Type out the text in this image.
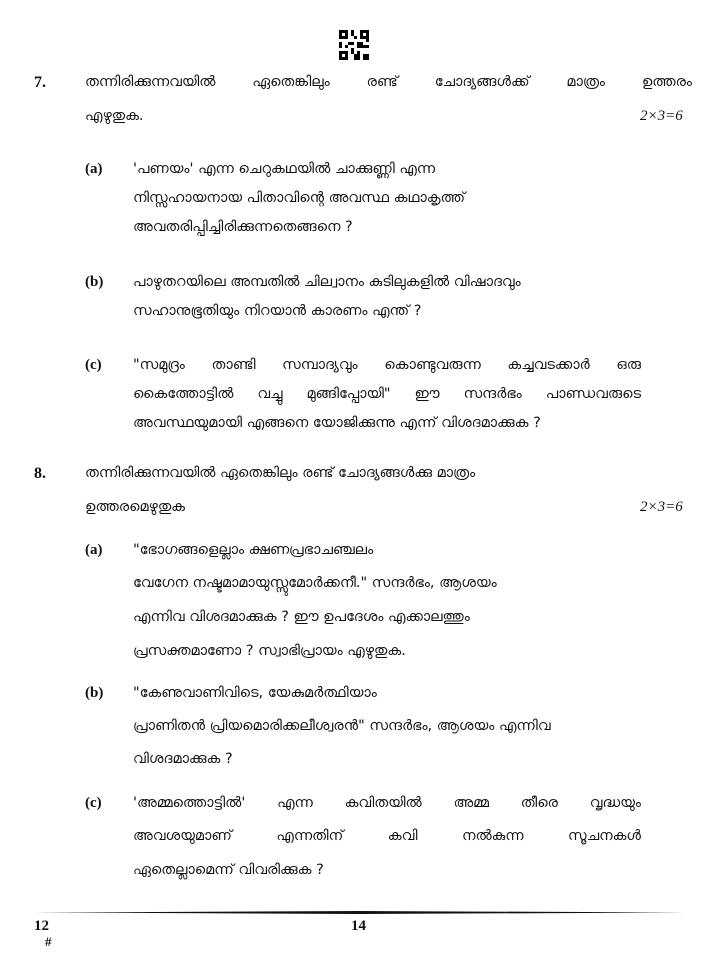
7.	തന്നിരിക്കുന്നവയിൽ ഏതെങ്കിലും രണ്ട് ചോദ്യങ്ങൾക്ക് മാത്രം ഉത്തരം
എഴുതുക.	2×3=6
(a) 'പണയം' എന്ന ചെറുകഥയിൽ ചാക്കുണ്ണി എന്ന
നിസ്സഹായനായ പിതാവിന്റെ അവസ്ഥ കഥാകൃത്ത്
അവതരിപ്പിച്ചിരിക്കുന്നതെങ്ങനെ ?
(b) പാഴുതറയിലെ അമ്പതിൽ ചില്വാനം കുടിലുകളിൽ വിഷാദവും
സഹാനുഭൂതിയും നിറയാൻ കാരണം എന്ത് ?
(c) "സമുദ്രം താണ്ടി സമ്പാദ്യവും കൊണ്ടുവരുന്ന കച്ചവടക്കാർ ഒരു
കൈത്തോട്ടിൽ വച്ചു മുങ്ങിപ്പോയി" ഈ സന്ദർഭം പാണ്ഡവരുടെ
അവസ്ഥയുമായി എങ്ങനെ യോജിക്കുന്നു എന്ന് വിശദമാക്കുക ?
8.	തന്നിരിക്കുന്നവയിൽ ഏതെങ്കിലും രണ്ട് ചോദ്യങ്ങൾക്കു മാത്രം
ഉത്തരമെഴുതുക	2×3=6
(a) "ഭോഗങ്ങളെല്ലാം ക്ഷണപ്രഭാചഞ്ചലം
വേഗേന നഷ്ടമാമായുസ്സുമോർക്കനീ." സന്ദർഭം, ആശയം
എന്നിവ വിശദമാക്കുക ? ഈ ഉപദേശം എക്കാലത്തും
പ്രസക്തമാണോ ? സ്വാഭിപ്രായം എഴുതുക.
(b) "കേണുവാണിവിടെ, യേകുമർത്ഥിയാം
പ്രാണിതൻ പ്രിയമൊരിക്കലീശ്വരൻ" സന്ദർഭം, ആശയം എന്നിവ
വിശദമാക്കുക ?
(c) 'അമ്മത്തൊട്ടിൽ' എന്ന കവിതയിൽ അമ്മ തീരെ വൃദ്ധയും
അവശയുമാണ് എന്നതിന് കവി നൽകുന്ന സൂചനകൾ
ഏതെല്ലാമെന്ന് വിവരിക്കുക ?
12
#
14
